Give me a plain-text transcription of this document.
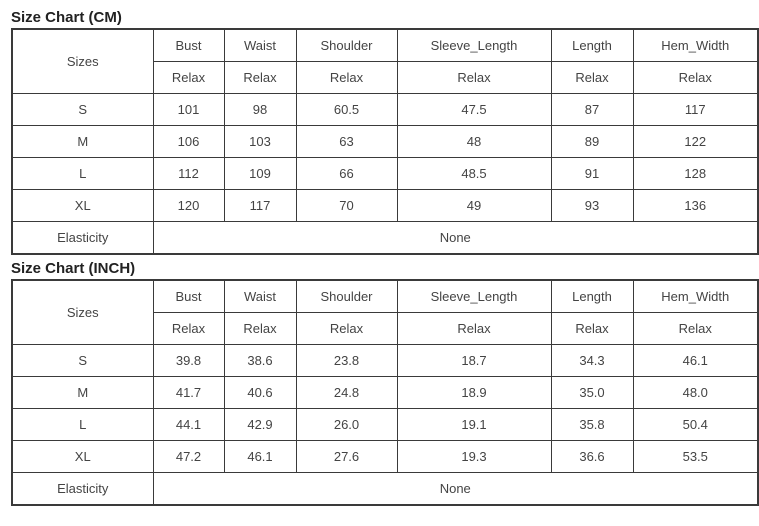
Size Chart (CM)
Sizes	Bust	Waist	Shoulder	Sleeve_Length	Length	Hem_Width
	Relax	Relax	Relax	Relax	Relax	Relax
S	101	98	60.5	47.5	87	117
M	106	103	63	48	89	122
L	112	109	66	48.5	91	128
XL	120	117	70	49	93	136
Elasticity	None					
Size Chart (INCH)
Sizes	Bust	Waist	Shoulder	Sleeve_Length	Length	Hem_Width
	Relax	Relax	Relax	Relax	Relax	Relax
S	39.8	38.6	23.8	18.7	34.3	46.1
M	41.7	40.6	24.8	18.9	35.0	48.0
L	44.1	42.9	26.0	19.1	35.8	50.4
XL	47.2	46.1	27.6	19.3	36.6	53.5
Elasticity	None					
